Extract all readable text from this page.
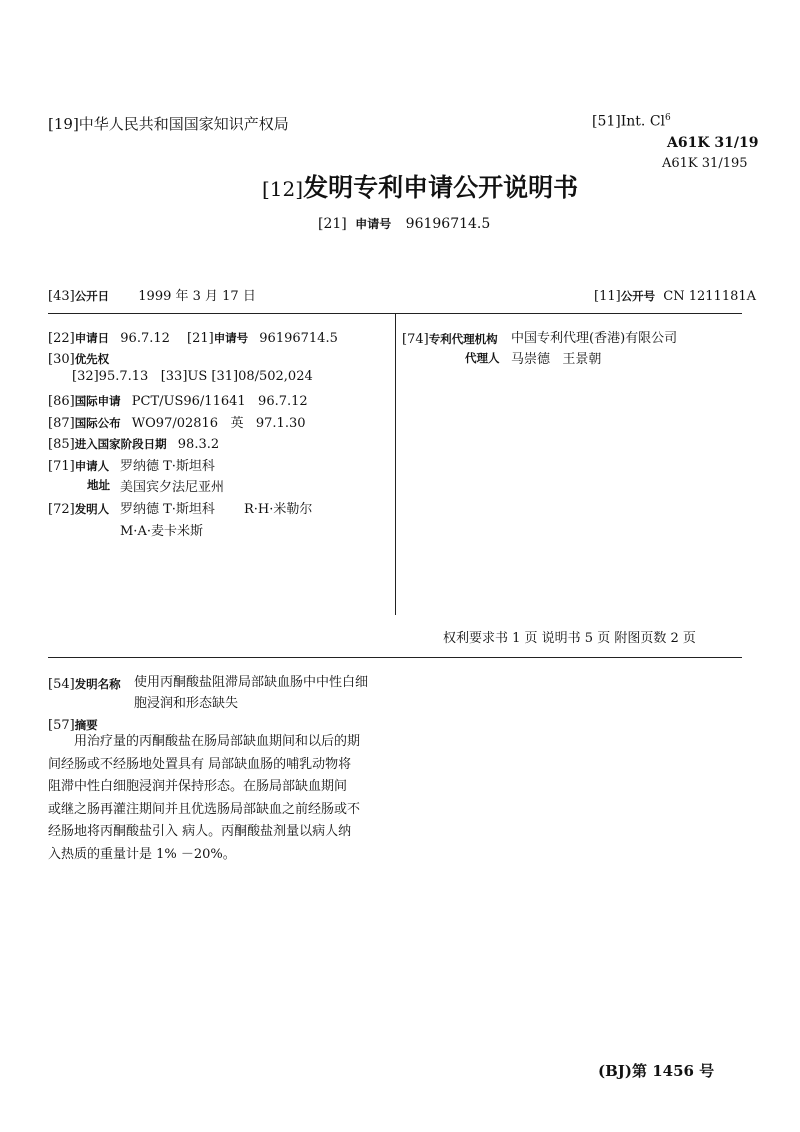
[19]中华人民共和国国家知识产权局	[51]Int. Cl$^6$
A61K 31/19
A61K 31/195
[12]发明专利申请公开说明书
[21] 申请号 96196714.5
[43]公开日 1999 年 3 月 17 日	[11]公开号 CN 1211181A
[22]申请日 96.7.12 [21]申请号 96196714.5
[30]优先权
[32]95.7.13   [33]US [31]08/502,024
[86]国际申请 PCT/US96/11641   96.7.12
[87]国际公布 WO97/02816   英   97.1.30
[85]进入国家阶段日期 98.3.2
[71]申请人 罗纳德 T·斯坦科
地址 美国宾夕法尼亚州
[72]发明人 罗纳德 T·斯坦科 R·H·米勒尔
M·A·麦卡米斯
[74]专利代理机构 中国专利代理(香港)有限公司
代理人 马崇德   王景朝
权利要求书 1 页 说明书 5 页 附图页数 2 页
[54]发明名称 使用丙酮酸盐阻滞局部缺血肠中中性白细
胞浸润和形态缺失
[57]摘要
用治疗量的丙酮酸盐在肠局部缺血期间和以后的期
间经肠或不经肠地处置具有 局部缺血肠的哺乳动物将
阻滞中性白细胞浸润并保持形态。在肠局部缺血期间
或继之肠再灌注期间并且优选肠局部缺血之前经肠或不
经肠地将丙酮酸盐引入 病人。丙酮酸盐剂量以病人纳
入热质的重量计是 1% －20%。
(BJ)第 1456 号
